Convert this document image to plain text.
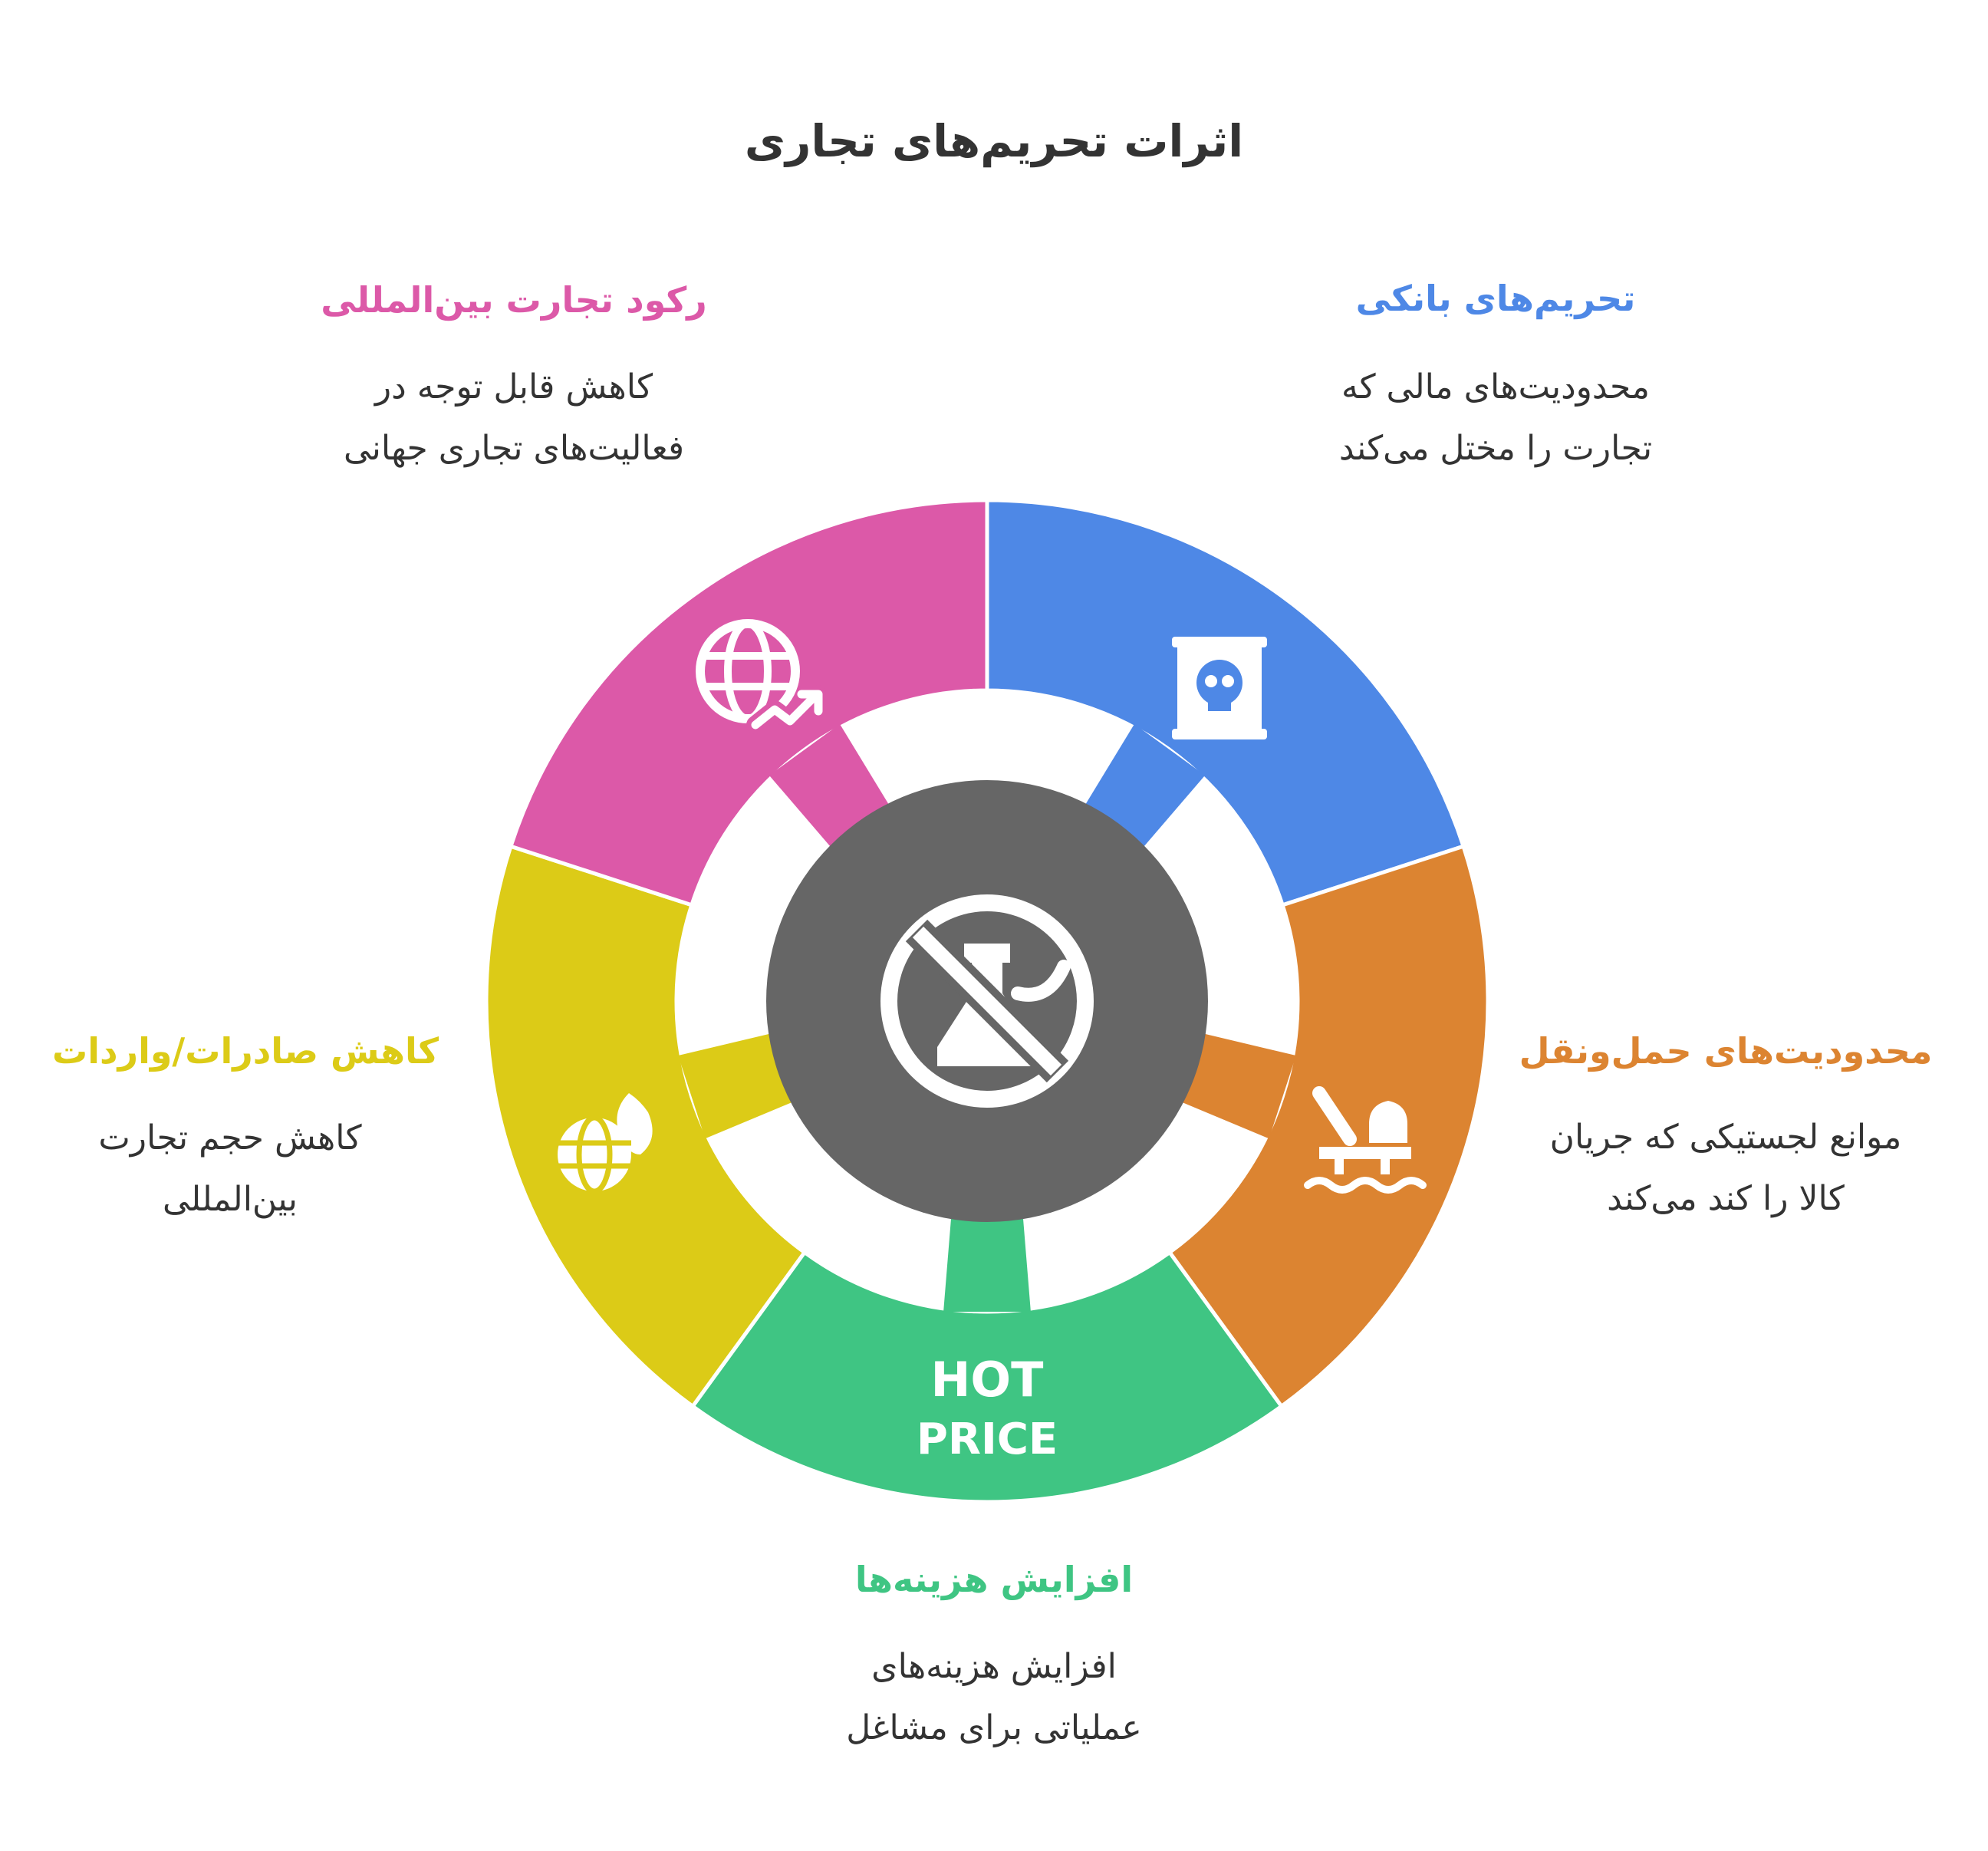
HOT
PRICE
اثرات تحریم‌های تجاری
تحریم‌های بانکی
محدودیت‌های مالی که
تجارت را مختل می‌کند
محدودیت‌های حمل‌ونقل
موانع لجستیکی که جریان
کالا را کند می‌کند
افزایش هزینه‌ها
افزایش هزینه‌های
عملیاتی برای مشاغل
کاهش صادرات/واردات
کاهش حجم تجارت
بین‌المللی
رکود تجارت بین‌المللی
کاهش قابل توجه در
فعالیت‌های تجاری جهانی
